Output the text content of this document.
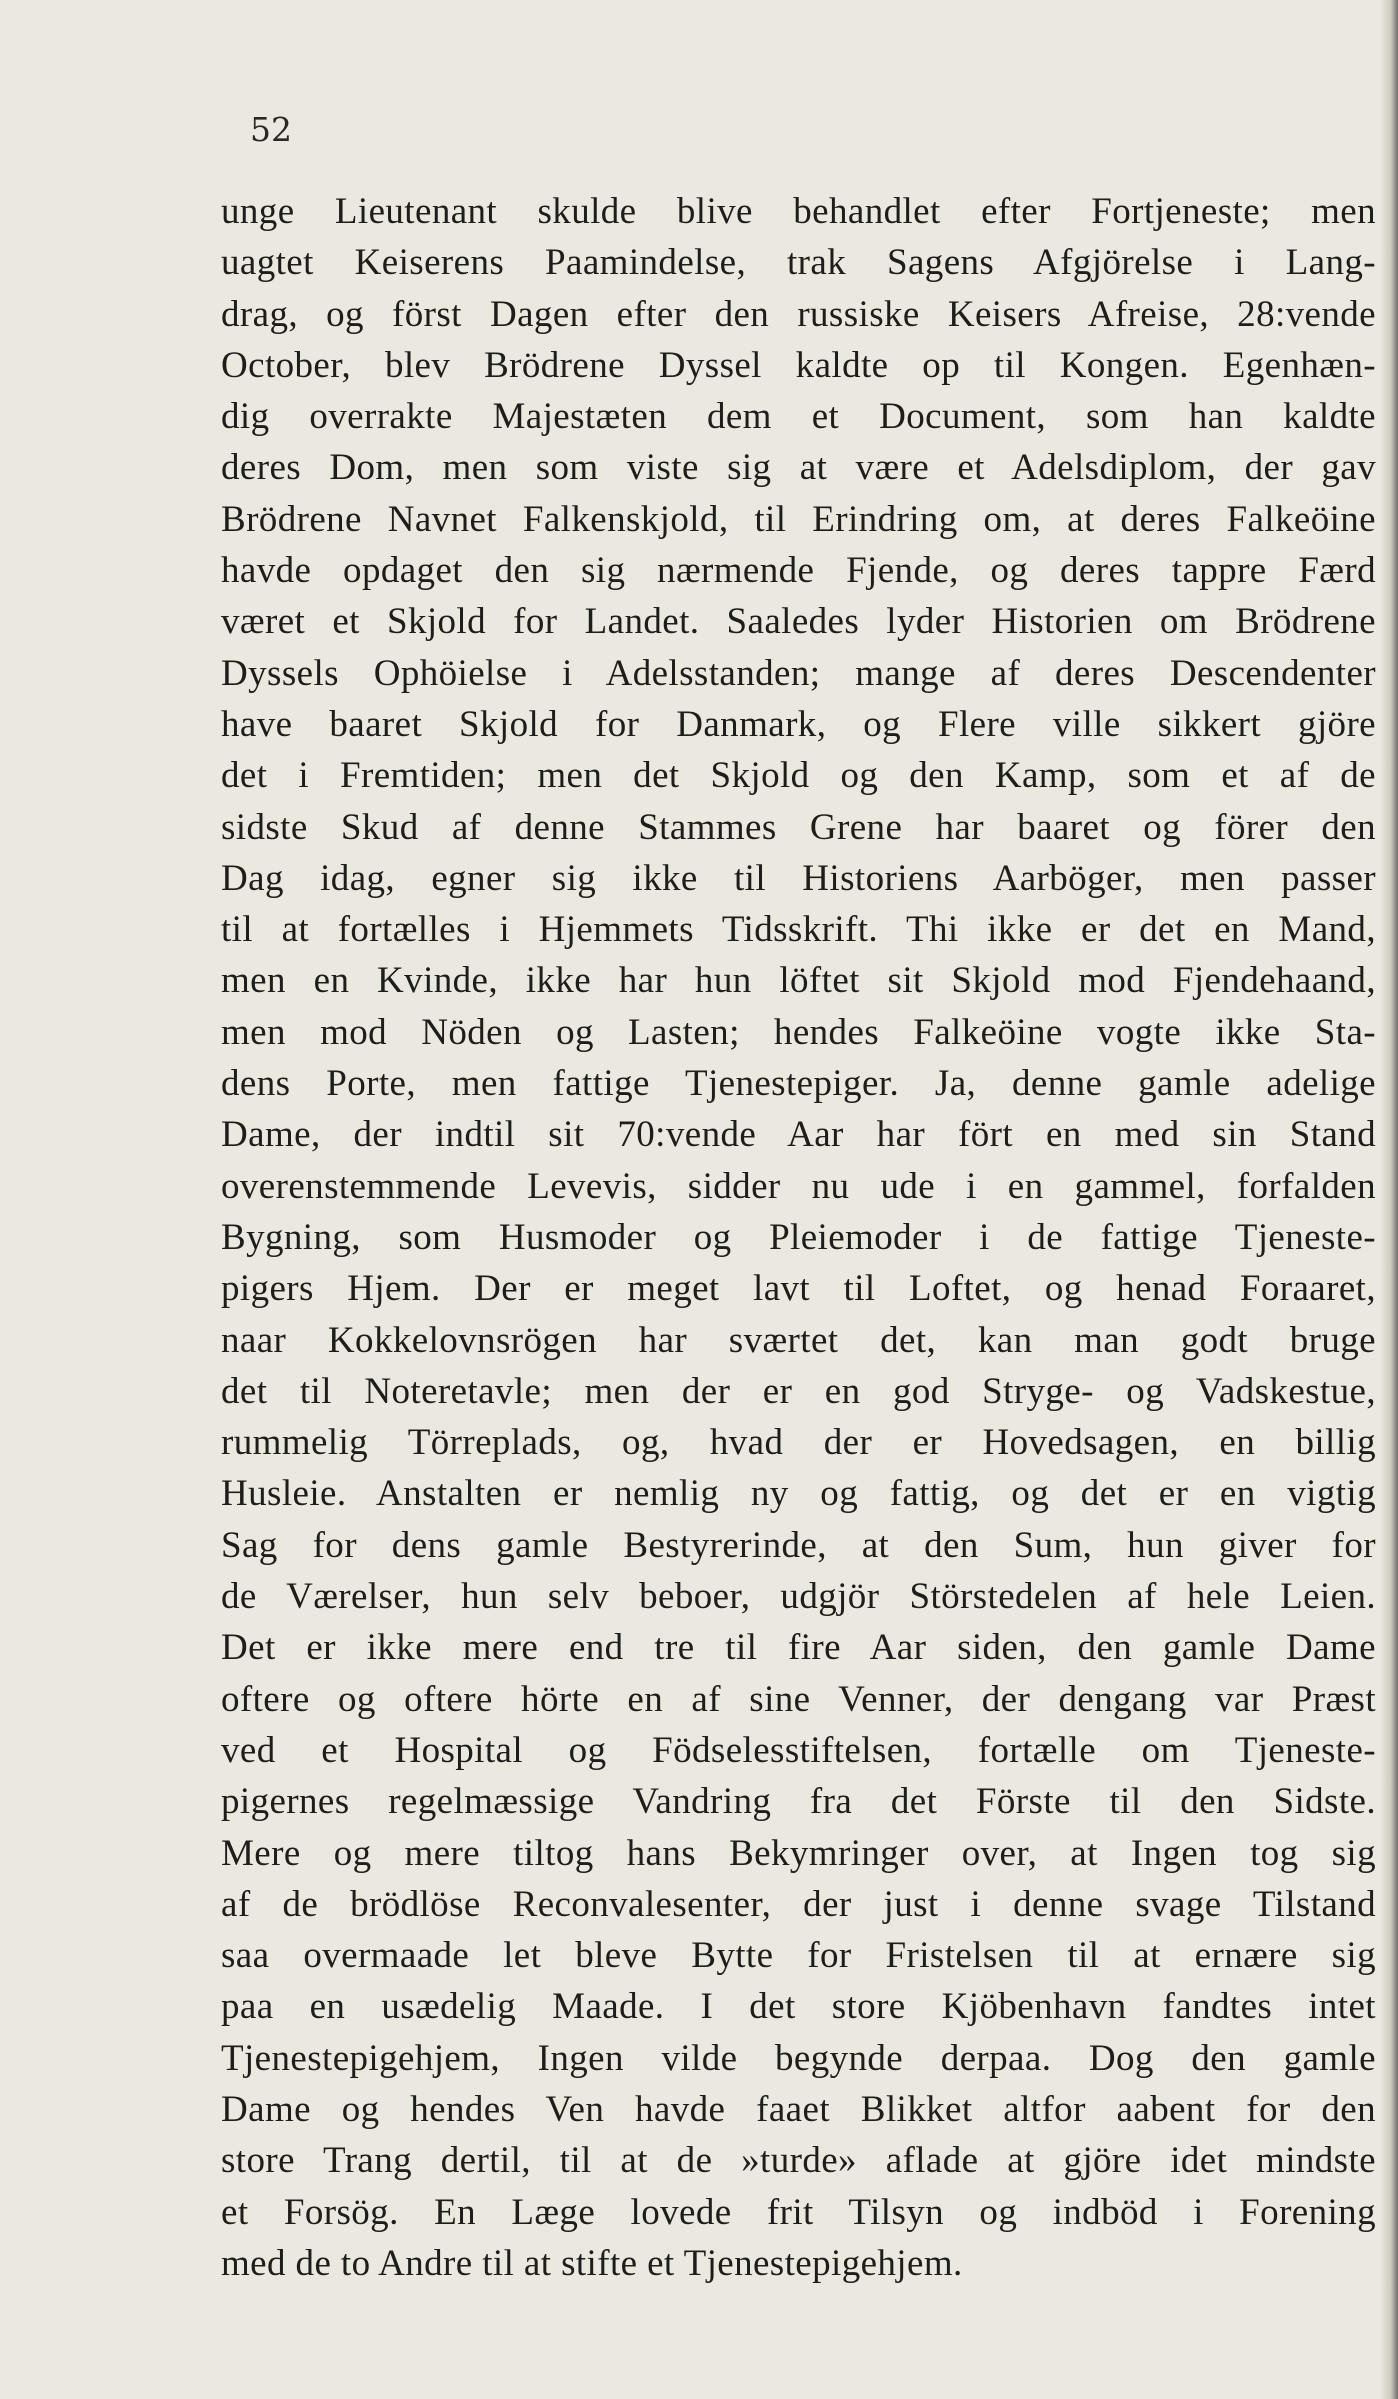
52

unge Lieutenant skulde blive behandlet efter Fortjeneste; men
uagtet Keiserens Paamindelse, trak Sagens Afgjörelse i Lang-
drag, og först Dagen efter den russiske Keisers Afreise, 28:vende
October, blev Brödrene Dyssel kaldte op til Kongen. Egenhæn-
dig overrakte Majestæten dem et Document, som han kaldte
deres Dom, men som viste sig at være et Adelsdiplom, der gav
Brödrene Navnet Falkenskjold, til Erindring om, at deres Falkeöine
havde opdaget den sig nærmende Fjende, og deres tappre Færd
været et Skjold for Landet. Saaledes lyder Historien om Brödrene
Dyssels Ophöielse i Adelsstanden; mange af deres Descendenter
have baaret Skjold for Danmark, og Flere ville sikkert gjöre
det i Fremtiden; men det Skjold og den Kamp, som et af de
sidste Skud af denne Stammes Grene har baaret og förer den
Dag idag, egner sig ikke til Historiens Aarböger, men passer
til at fortælles i Hjemmets Tidsskrift. Thi ikke er det en Mand,
men en Kvinde, ikke har hun löftet sit Skjold mod Fjendehaand,
men mod Nöden og Lasten; hendes Falkeöine vogte ikke Sta-
dens Porte, men fattige Tjenestepiger. Ja, denne gamle adelige
Dame, der indtil sit 70:vende Aar har fört en med sin Stand
overenstemmende Levevis, sidder nu ude i en gammel, forfalden
Bygning, som Husmoder og Pleiemoder i de fattige Tjeneste-
pigers Hjem. Der er meget lavt til Loftet, og henad Foraaret,
naar Kokkelovnsrögen har sværtet det, kan man godt bruge
det til Noteretavle; men der er en god Stryge- og Vadskestue,
rummelig Törreplads, og, hvad der er Hovedsagen, en billig
Husleie. Anstalten er nemlig ny og fattig, og det er en vigtig
Sag for dens gamle Bestyrerinde, at den Sum, hun giver for
de Værelser, hun selv beboer, udgjör Störstedelen af hele Leien.
Det er ikke mere end tre til fire Aar siden, den gamle Dame
oftere og oftere hörte en af sine Venner, der dengang var Præst
ved et Hospital og Födselesstiftelsen, fortælle om Tjeneste-
pigernes regelmæssige Vandring fra det Förste til den Sidste.
Mere og mere tiltog hans Bekymringer over, at Ingen tog sig
af de brödlöse Reconvalesenter, der just i denne svage Tilstand
saa overmaade let bleve Bytte for Fristelsen til at ernære sig
paa en usædelig Maade. I det store Kjöbenhavn fandtes intet
Tjenestepigehjem, Ingen vilde begynde derpaa. Dog den gamle
Dame og hendes Ven havde faaet Blikket altfor aabent for den
store Trang dertil, til at de »turde» aflade at gjöre idet mindste
et Forsög. En Læge lovede frit Tilsyn og indböd i Forening
med de to Andre til at stifte et Tjenestepigehjem.
